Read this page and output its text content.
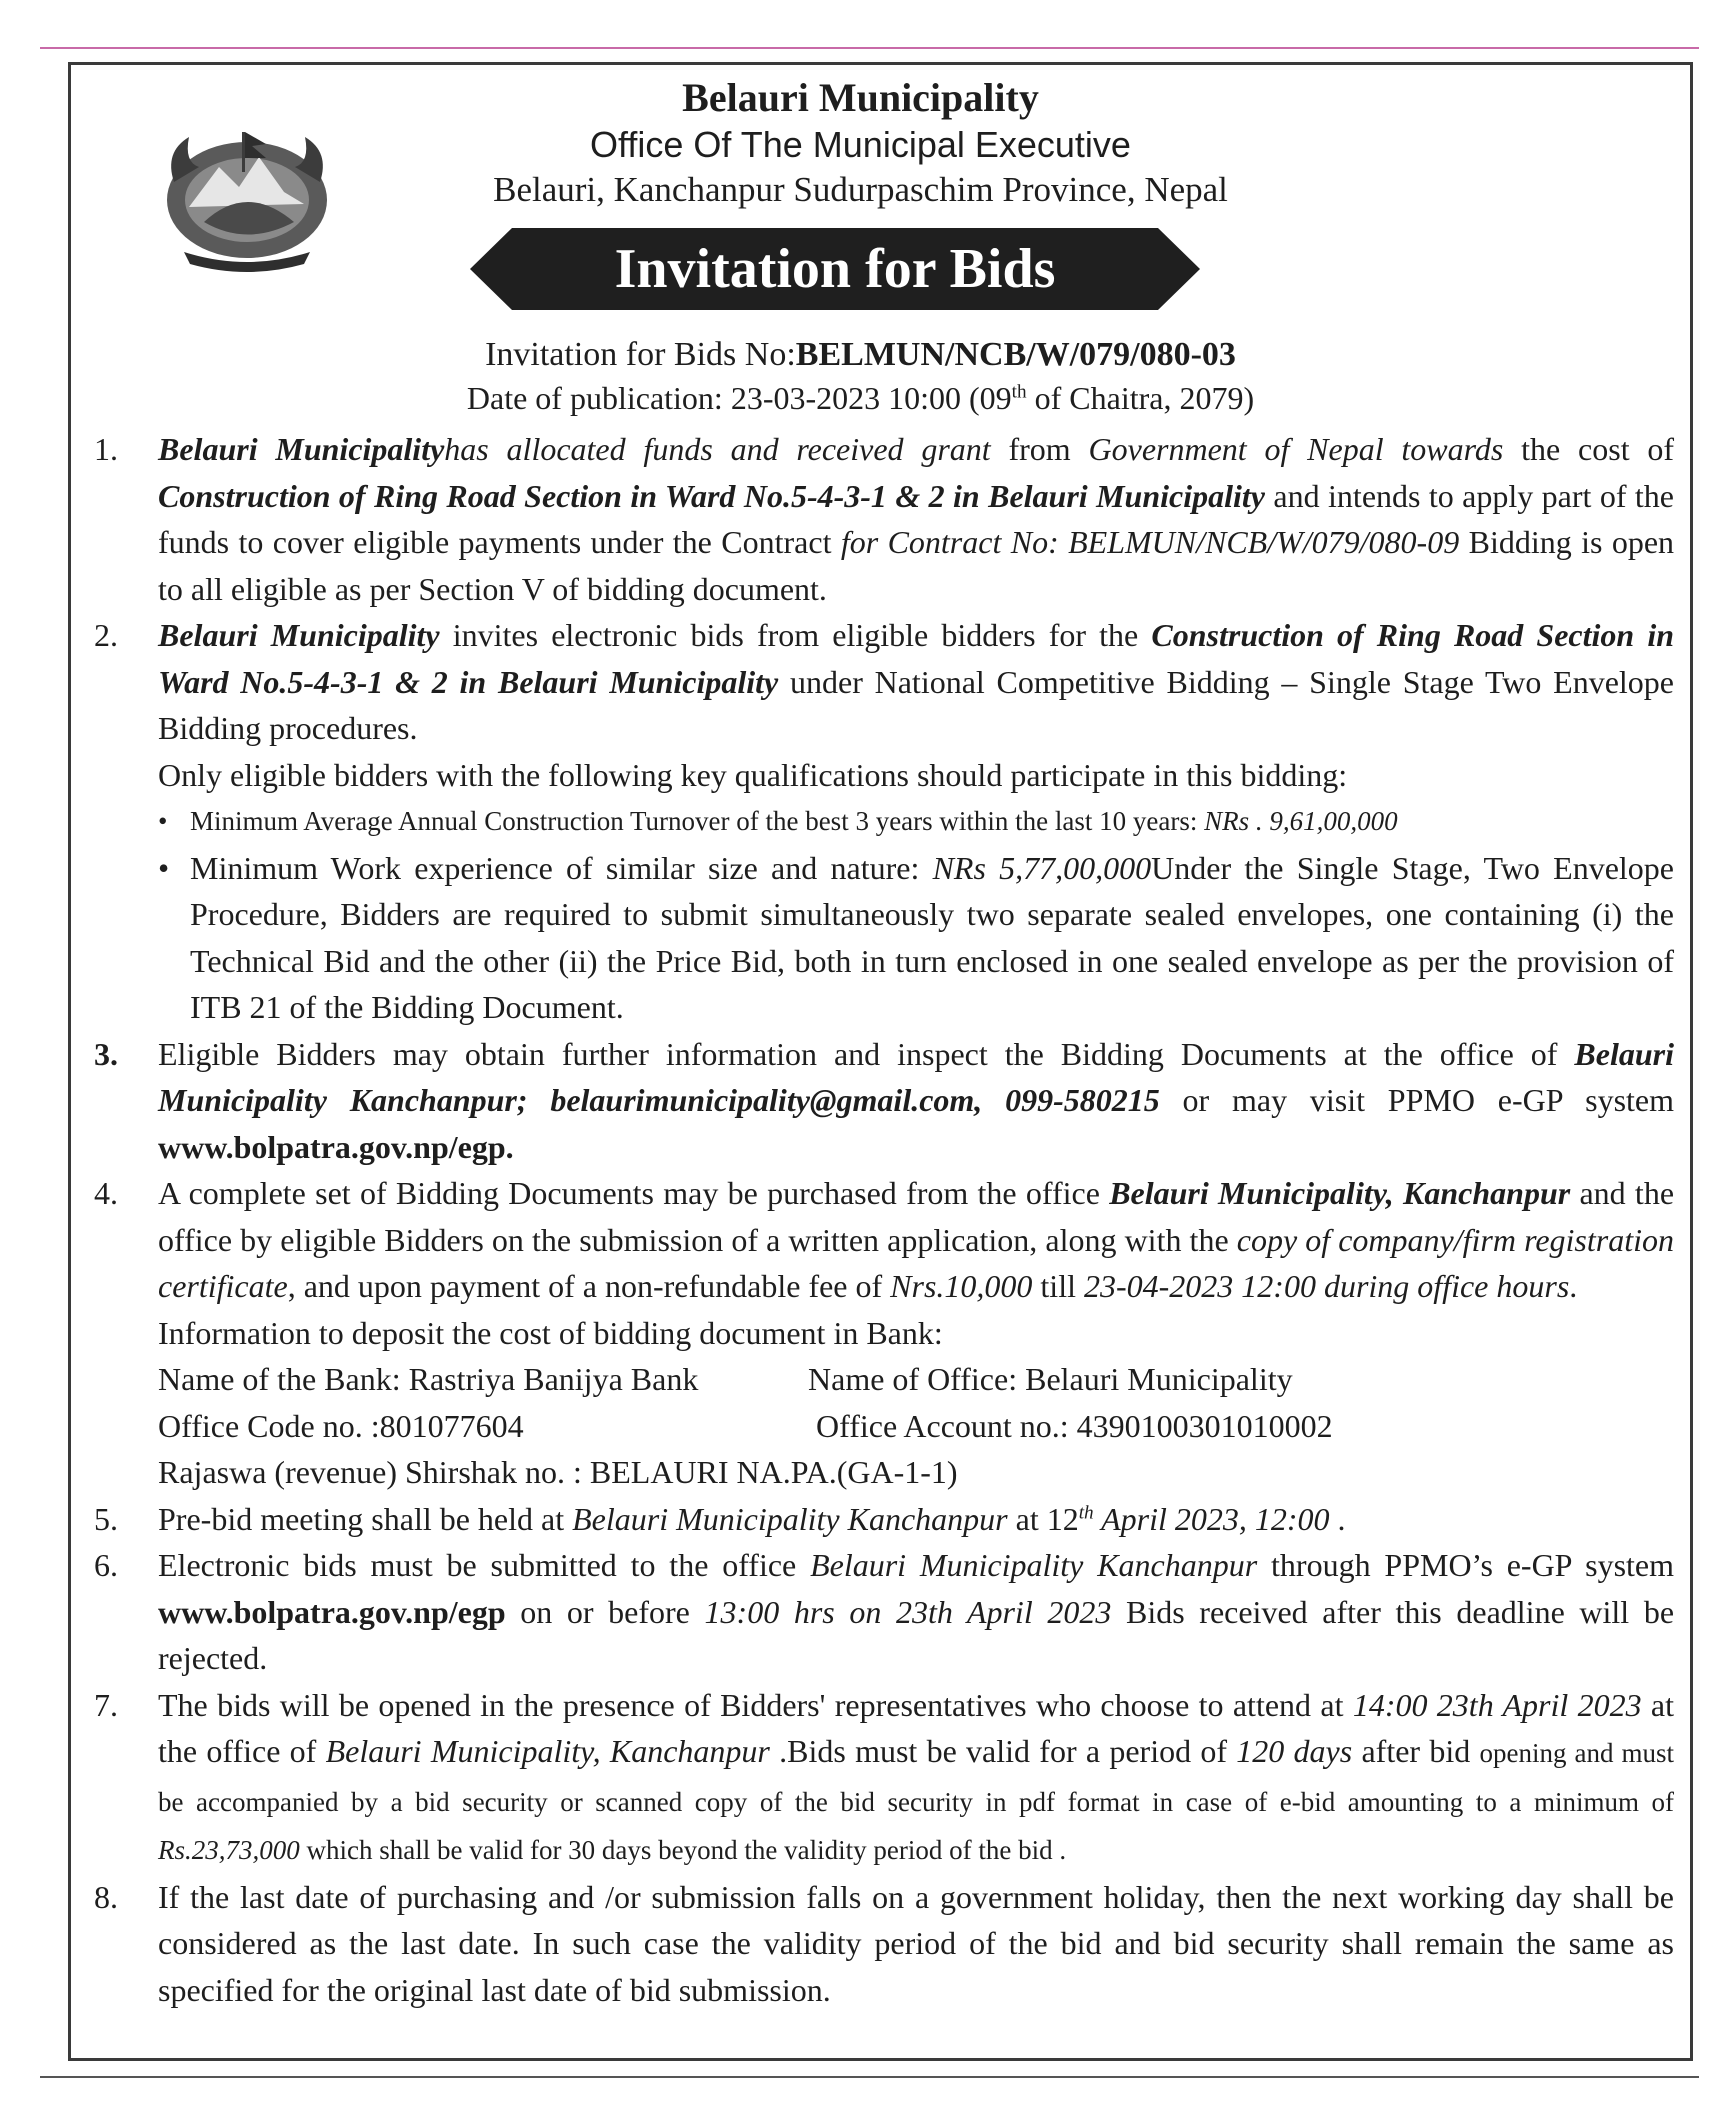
Belauri Municipality
Office Of The Municipal Executive
Belauri, Kanchanpur Sudurpaschim Province, Nepal
Invitation for Bids
Invitation for Bids No:BELMUN/NCB/W/079/080-03
Date of publication: 23-03-2023 10:00 (09th of Chaitra, 2079)
1.	Belauri Municipalityhas allocated funds and received grant from Government of Nepal towards the cost of Construction of Ring Road Section in Ward No.5-4-3-1 & 2 in Belauri Municipality and intends to apply part of the funds to cover eligible payments under the Contract for Contract No: BELMUN/NCB/W/079/080-09 Bidding is open to all eligible as per Section V of bidding document.
2.	Belauri Municipality invites electronic bids from eligible bidders for the Construction of Ring Road Section in Ward No.5-4-3-1 & 2 in Belauri Municipality under National Competitive Bidding – Single Stage Two Envelope Bidding procedures.
Only eligible bidders with the following key qualifications should participate in this bidding:
• Minimum Average Annual Construction Turnover of the best 3 years within the last 10 years: NRs . 9,61,00,000
• Minimum Work experience of similar size and nature: NRs 5,77,00,000Under the Single Stage, Two Envelope Procedure, Bidders are required to submit simultaneously two separate sealed envelopes, one containing (i) the Technical Bid and the other (ii) the Price Bid, both in turn enclosed in one sealed envelope as per the provision of ITB 21 of the Bidding Document.
3.	Eligible Bidders may obtain further information and inspect the Bidding Documents at the office of Belauri Municipality Kanchanpur; belaurimunicipality@gmail.com, 099-580215 or may visit PPMO e-GP system www.bolpatra.gov.np/egp.
4.	A complete set of Bidding Documents may be purchased from the office Belauri Municipality, Kanchanpur and the office by eligible Bidders on the submission of a written application, along with the copy of company/firm registration certificate, and upon payment of a non-refundable fee of Nrs.10,000 till 23-04-2023 12:00 during office hours.
Information to deposit the cost of bidding document in Bank:
Name of the Bank: Rastriya Banijya Bank	Name of Office: Belauri Municipality
Office Code no. :801077604	Office Account no.: 4390100301010002
Rajaswa (revenue) Shirshak no. : BELAURI NA.PA.(GA-1-1)
5.	Pre-bid meeting shall be held at Belauri Municipality Kanchanpur at 12th April 2023, 12:00 .
6.	Electronic bids must be submitted to the office Belauri Municipality Kanchanpur through PPMO’s e-GP system www.bolpatra.gov.np/egp on or before 13:00 hrs on 23th April 2023 Bids received after this deadline will be rejected.
7.	The bids will be opened in the presence of Bidders' representatives who choose to attend at 14:00 23th April 2023 at the office of Belauri Municipality, Kanchanpur .Bids must be valid for a period of 120 days after bid opening and must be accompanied by a bid security or scanned copy of the bid security in pdf format in case of e-bid amounting to a minimum of Rs.23,73,000 which shall be valid for 30 days beyond the validity period of the bid .
8.	If the last date of purchasing and /or submission falls on a government holiday, then the next working day shall be considered as the last date. In such case the validity period of the bid and bid security shall remain the same as specified for the original last date of bid submission.
